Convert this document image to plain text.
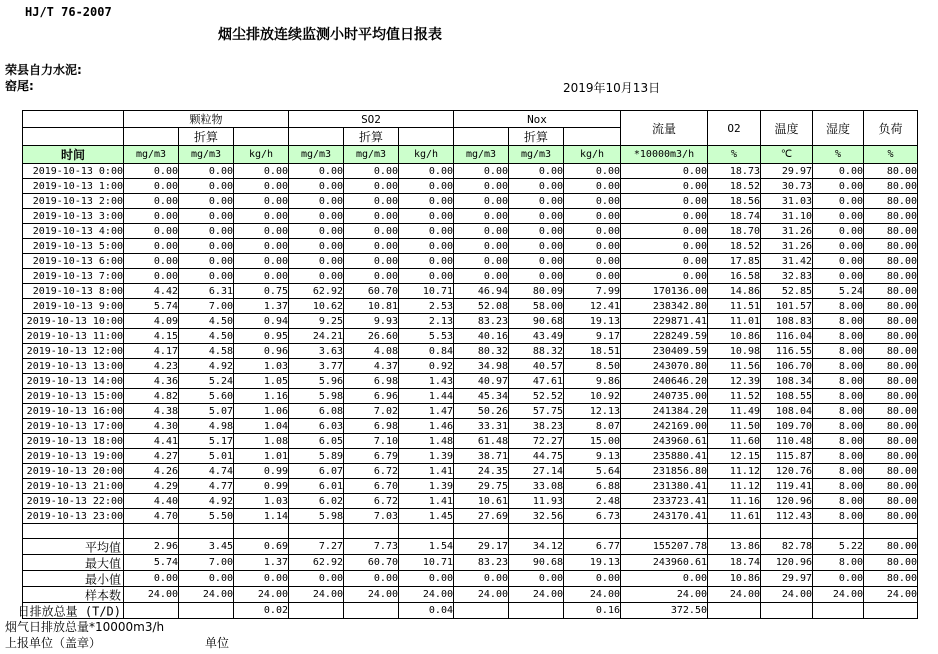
HJ/T 76-2007
烟尘排放连续监测小时平均值日报表
荣县自力水泥:
窑尾:	2019年10月13日
	颗粒物			SO2			Nox			流量	O2	温度	湿度	负荷
		折算			折算			折算						
时间	mg/m3	mg/m3	kg/h	mg/m3	mg/m3	kg/h	mg/m3	mg/m3	kg/h	*10000m3/h	%	℃	%	%
2019-10-13 0:00	0.00	0.00	0.00	0.00	0.00	0.00	0.00	0.00	0.00	0.00	18.73	29.97	0.00	80.00
2019-10-13 1:00	0.00	0.00	0.00	0.00	0.00	0.00	0.00	0.00	0.00	0.00	18.52	30.73	0.00	80.00
2019-10-13 2:00	0.00	0.00	0.00	0.00	0.00	0.00	0.00	0.00	0.00	0.00	18.56	31.03	0.00	80.00
2019-10-13 3:00	0.00	0.00	0.00	0.00	0.00	0.00	0.00	0.00	0.00	0.00	18.74	31.10	0.00	80.00
2019-10-13 4:00	0.00	0.00	0.00	0.00	0.00	0.00	0.00	0.00	0.00	0.00	18.70	31.26	0.00	80.00
2019-10-13 5:00	0.00	0.00	0.00	0.00	0.00	0.00	0.00	0.00	0.00	0.00	18.52	31.26	0.00	80.00
2019-10-13 6:00	0.00	0.00	0.00	0.00	0.00	0.00	0.00	0.00	0.00	0.00	17.85	31.42	0.00	80.00
2019-10-13 7:00	0.00	0.00	0.00	0.00	0.00	0.00	0.00	0.00	0.00	0.00	16.58	32.83	0.00	80.00
2019-10-13 8:00	4.42	6.31	0.75	62.92	60.70	10.71	46.94	80.09	7.99	170136.00	14.86	52.85	5.24	80.00
2019-10-13 9:00	5.74	7.00	1.37	10.62	10.81	2.53	52.08	58.00	12.41	238342.80	11.51	101.57	8.00	80.00
2019-10-13 10:00	4.09	4.50	0.94	9.25	9.93	2.13	83.23	90.68	19.13	229871.41	11.01	108.83	8.00	80.00
2019-10-13 11:00	4.15	4.50	0.95	24.21	26.60	5.53	40.16	43.49	9.17	228249.59	10.86	116.04	8.00	80.00
2019-10-13 12:00	4.17	4.58	0.96	3.63	4.08	0.84	80.32	88.32	18.51	230409.59	10.98	116.55	8.00	80.00
2019-10-13 13:00	4.23	4.92	1.03	3.77	4.37	0.92	34.98	40.57	8.50	243070.80	11.56	106.70	8.00	80.00
2019-10-13 14:00	4.36	5.24	1.05	5.96	6.98	1.43	40.97	47.61	9.86	240646.20	12.39	108.34	8.00	80.00
2019-10-13 15:00	4.82	5.60	1.16	5.98	6.96	1.44	45.34	52.52	10.92	240735.00	11.52	108.55	8.00	80.00
2019-10-13 16:00	4.38	5.07	1.06	6.08	7.02	1.47	50.26	57.75	12.13	241384.20	11.49	108.04	8.00	80.00
2019-10-13 17:00	4.30	4.98	1.04	6.03	6.98	1.46	33.31	38.23	8.07	242169.00	11.50	109.70	8.00	80.00
2019-10-13 18:00	4.41	5.17	1.08	6.05	7.10	1.48	61.48	72.27	15.00	243960.61	11.60	110.48	8.00	80.00
2019-10-13 19:00	4.27	5.01	1.01	5.89	6.79	1.39	38.71	44.75	9.13	235880.41	12.15	115.87	8.00	80.00
2019-10-13 20:00	4.26	4.74	0.99	6.07	6.72	1.41	24.35	27.14	5.64	231856.80	11.12	120.76	8.00	80.00
2019-10-13 21:00	4.29	4.77	0.99	6.01	6.70	1.39	29.75	33.08	6.88	231380.41	11.12	119.41	8.00	80.00
2019-10-13 22:00	4.40	4.92	1.03	6.02	6.72	1.41	10.61	11.93	2.48	233723.41	11.16	120.96	8.00	80.00
2019-10-13 23:00	4.70	5.50	1.14	5.98	7.03	1.45	27.69	32.56	6.73	243170.41	11.61	112.43	8.00	80.00

平均值	2.96	3.45	0.69	7.27	7.73	1.54	29.17	34.12	6.77	155207.78	13.86	82.78	5.22	80.00

最大值	5.74	7.00	1.37	62.92	60.70	10.71	83.23	90.68	19.13	243960.61	18.74	120.96	8.00	80.00

最小值	0.00	0.00	0.00	0.00	0.00	0.00	0.00	0.00	0.00	0.00	10.86	29.97	0.00	80.00

样本数	24.00	24.00	24.00	24.00	24.00	24.00	24.00	24.00	24.00	24.00	24.00	24.00	24.00	24.00

日排放总量 (T/D)			0.02			0.04			0.16	372.50				
烟气日排放总量*10000m3/h
上报单位（盖章）	单位
